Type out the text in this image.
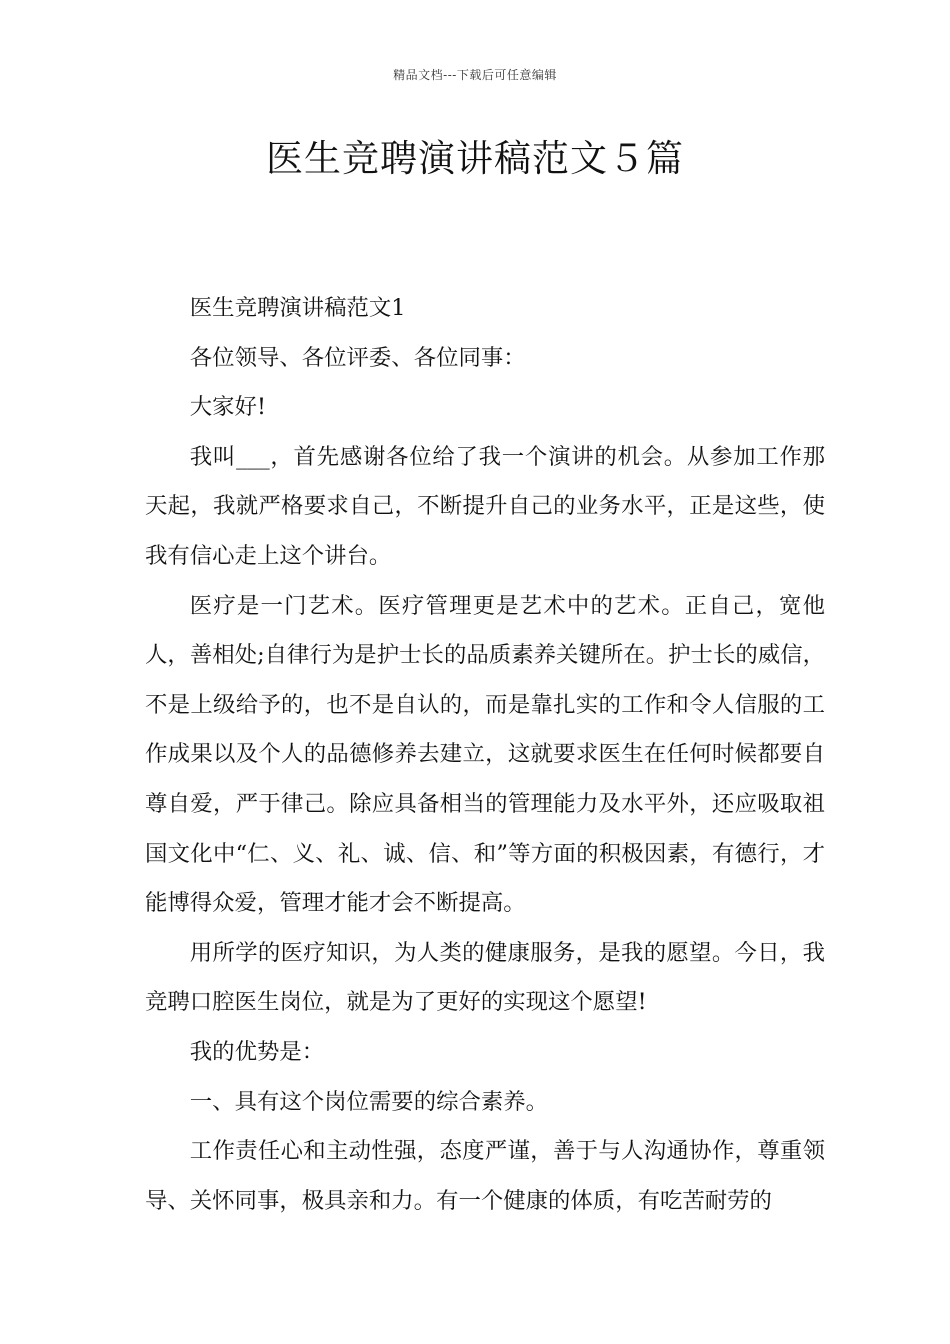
精品文档---下载后可任意编辑
医生竞聘演讲稿范文５篇

医生竞聘演讲稿范文1

各位领导、各位评委、各位同事：

大家好!

我叫___，首先感谢各位给了我一个演讲的机会。从参加工作那天起，我就严格要求自己，不断提升自己的业务水平，正是这些，使我有信心走上这个讲台。

医疗是一门艺术。医疗管理更是艺术中的艺术。正自己，宽他人，善相处;自律行为是护士长的品质素养关键所在。护士长的威信，不是上级给予的，也不是自认的，而是靠扎实的工作和令人信服的工作成果以及个人的品德修养去建立，这就要求医生在任何时候都要自尊自爱，严于律己。除应具备相当的管理能力及水平外，还应吸取祖国文化中“仁、义、礼、诚、信、和”等方面的积极因素，有德行，才能博得众爱，管理才能才会不断提高。

用所学的医疗知识，为人类的健康服务，是我的愿望。今日，我竞聘口腔医生岗位，就是为了更好的实现这个愿望!

我的优势是：

一、具有这个岗位需要的综合素养。

工作责任心和主动性强，态度严谨，善于与人沟通协作，尊重领导、关怀同事，极具亲和力。有一个健康的体质，有吃苦耐劳的
